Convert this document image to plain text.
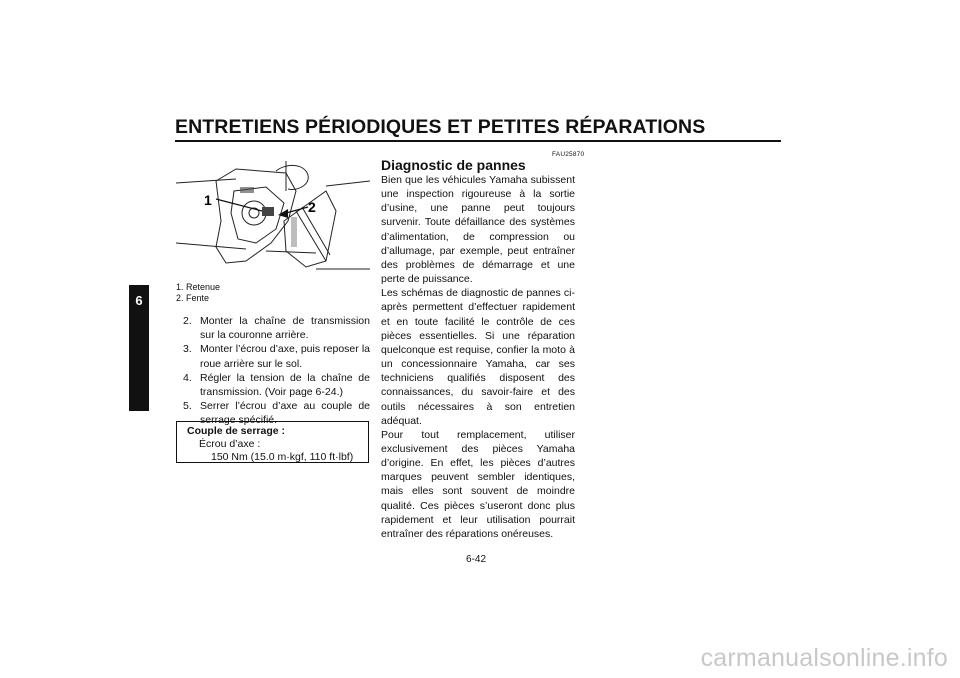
ENTRETIENS PÉRIODIQUES ET PETITES RÉPARATIONS
6
1	2
1. Retenue
2. Fente
2. Monter la chaîne de transmission sur la couronne arrière.
3. Monter l’écrou d’axe, puis reposer la roue arrière sur le sol.
4. Régler la tension de la chaîne de transmission. (Voir page 6-24.)
5. Serrer l’écrou d’axe au couple de serrage spécifié.
Couple de serrage :
Écrou d’axe :
150 Nm (15.0 m·kgf, 110 ft·lbf)
FAU25870
Diagnostic de pannes

Bien que les véhicules Yamaha subissent une inspection rigoureuse à la sortie d’usine, une panne peut toujours survenir. Toute défaillance des systèmes d’alimentation, de compression ou d’allumage, par exemple, peut entraîner des problèmes de démarrage et une perte de puissance.

Les schémas de diagnostic de pannes ci-après permettent d’effectuer rapidement et en toute facilité le contrôle de ces pièces essentielles. Si une réparation quelconque est requise, confier la moto à un concessionnaire Yamaha, car ses techniciens qualifiés disposent des connaissances, du savoir-faire et des outils nécessaires à son entretien adéquat.

Pour tout remplacement, utiliser exclusivement des pièces Yamaha d’origine. En effet, les pièces d’autres marques peuvent sembler identiques, mais elles sont souvent de moindre qualité. Ces pièces s’useront donc plus rapidement et leur utilisation pourrait entraîner des réparations onéreuses.

6-42
carmanualsonline.info
